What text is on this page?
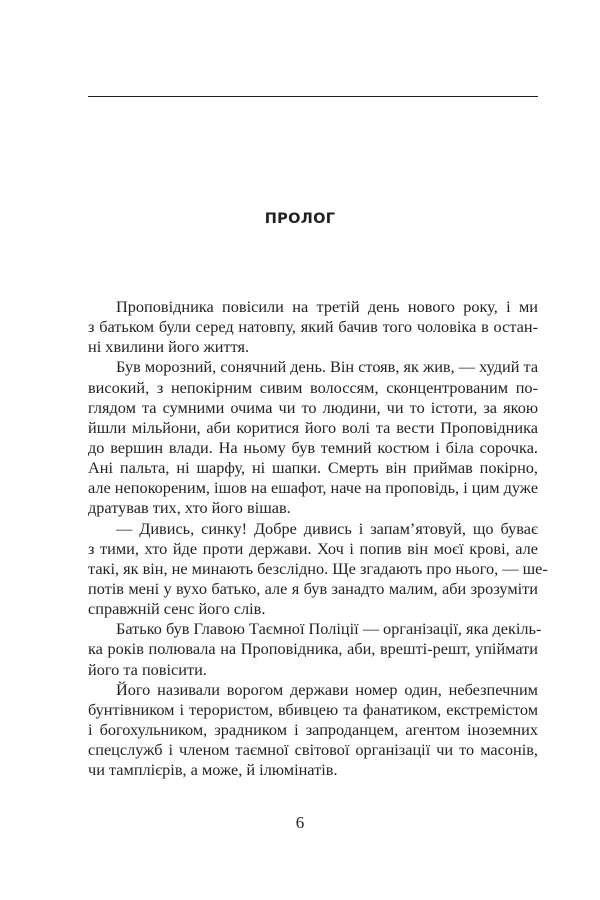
ПРОЛОГ
Проповідника повісили на третій день нового року, і ми
з батьком були серед натовпу, який бачив того чоловіка в остан-
ні хвилини його життя.
Був морозний, сонячний день. Він стояв, як жив, — худий та
високий, з непокірним сивим волоссям, сконцентрованим по-
глядом та сумними очима чи то людини, чи то істоти, за якою
йшли мільйони, аби коритися його волі та вести Проповідника
до вершин влади. На ньому був темний костюм і біла сорочка.
Ані пальта, ні шарфу, ні шапки. Смерть він приймав покірно,
але непокореним, ішов на ешафот, наче на проповідь, і цим дуже
дратував тих, хто його вішав.
— Дивись, синку! Добре дивись і запам’ятовуй, що буває
з тими, хто йде проти держави. Хоч і попив він моєї крові, але
такі, як він, не минають безслідно. Ще згадають про нього, — ше-
потів мені у вухо батько, але я був занадто малим, аби зрозуміти
справжній сенс його слів.
Батько був Главою Таємної Поліції — організації, яка декіль-
ка років полювала на Проповідника, аби, врешті-решт, упіймати
його та повісити.
Його називали ворогом держави номер один, небезпечним
бунтівником і терористом, вбивцею та фанатиком, екстремістом
і богохульником, зрадником і запроданцем, агентом іноземних
спецслужб і членом таємної світової організації чи то масонів,
чи тамплієрів, а може, й ілюмінатів.
6
